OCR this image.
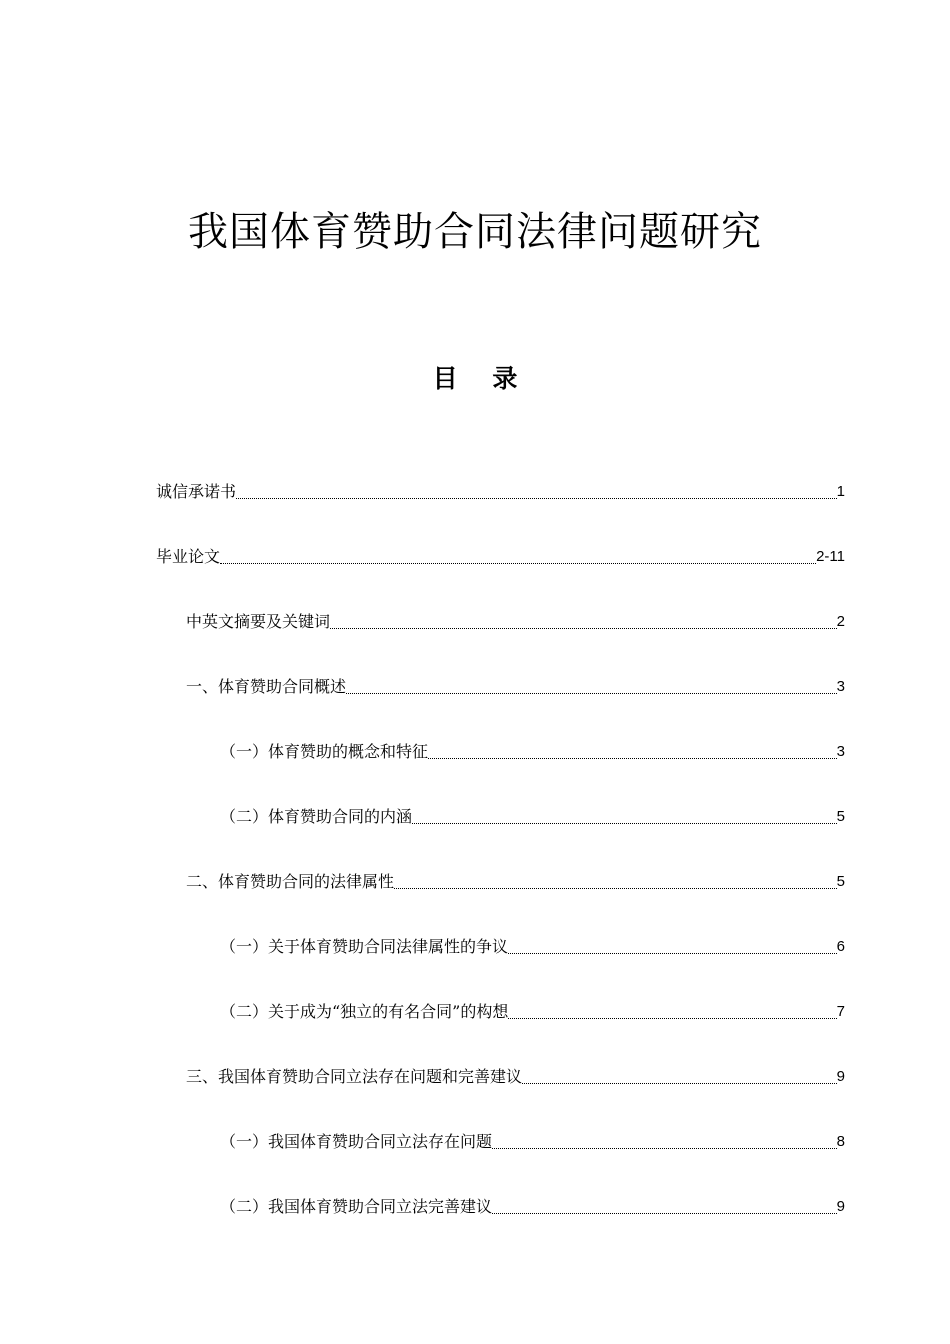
我国体育赞助合同法律问题研究
目 录
诚信承诺书	1
毕业论文	2-11
中英文摘要及关键词	2
一、体育赞助合同概述	3
（一）体育赞助的概念和特征	3
（二）体育赞助合同的内涵	5
二、体育赞助合同的法律属性	5
（一）关于体育赞助合同法律属性的争议	6
（二）关于成为“独立的有名合同”的构想	7
三、我国体育赞助合同立法存在问题和完善建议	9
（一）我国体育赞助合同立法存在问题	8
（二）我国体育赞助合同立法完善建议	9
